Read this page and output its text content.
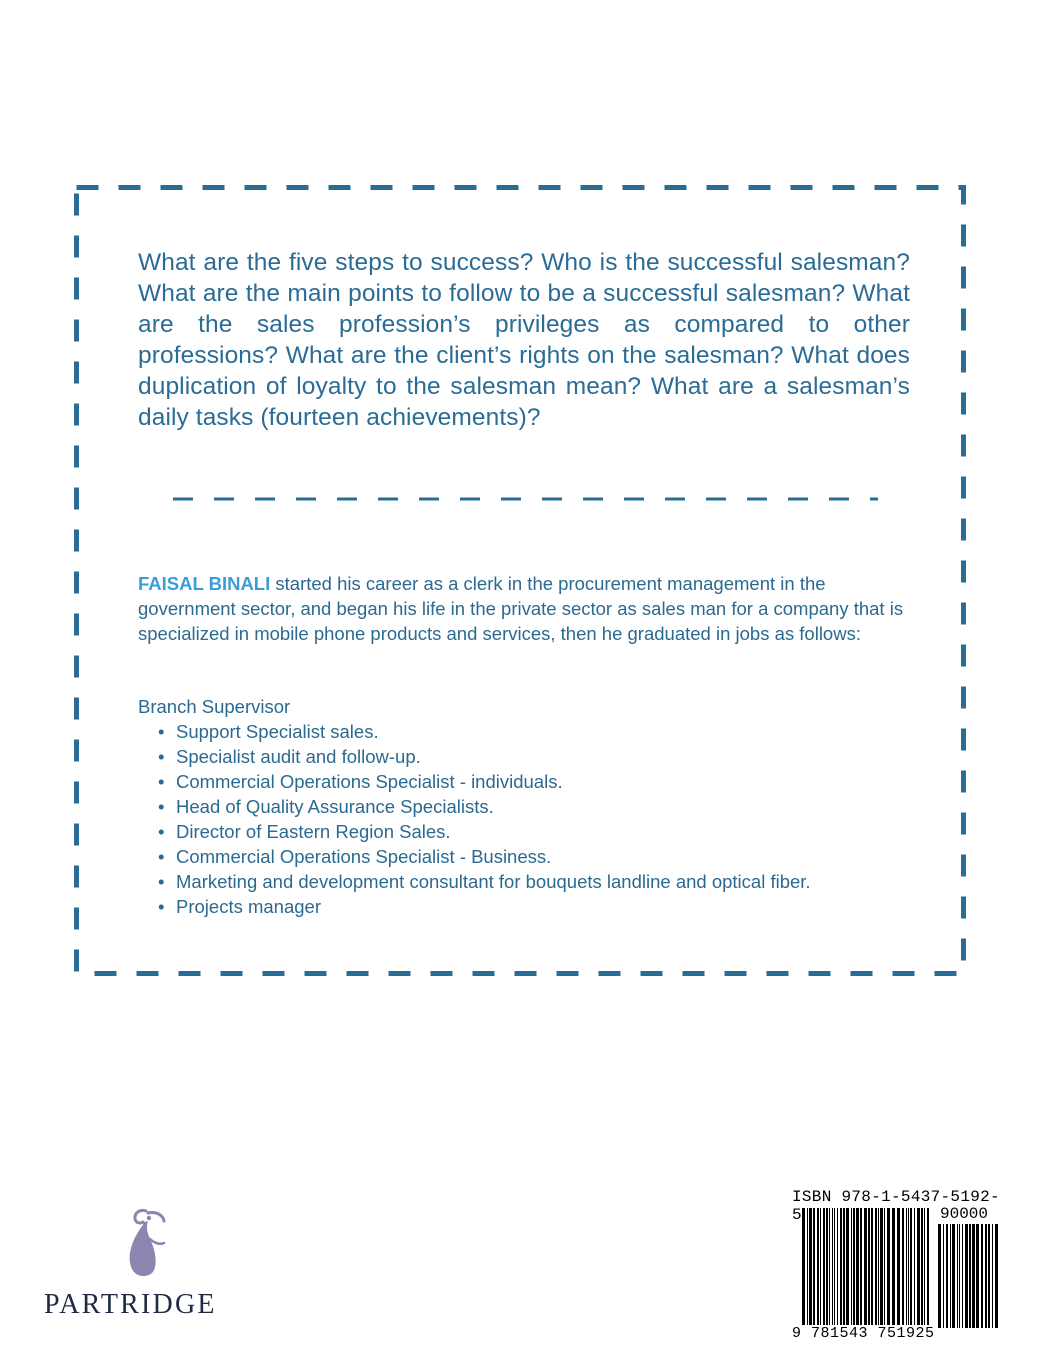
What are the five steps to success? Who is the successful salesman? What are the main points to follow to be a successful salesman? What are the sales profession’s privileges as compared to other professions? What are the client’s rights on the salesman? What does duplication of loyalty to the salesman mean? What are a salesman’s daily tasks (fourteen achievements)?

FAISAL BINALI started his career as a clerk in the procurement management in the government sector, and began his life in the private sector as sales man for a company that is specialized in mobile phone products and services, then he graduated in jobs as follows:

Branch Supervisor

• Support Specialist sales.
• Specialist audit and follow-up.
• Commercial Operations Specialist - individuals.
• Head of Quality Assurance Specialists.
• Director of Eastern Region Sales.
• Commercial Operations Specialist - Business.
• Marketing and development consultant for bouquets landline and optical fiber.
• Projects manager
PARTRIDGE
ISBN 978-1-5437-5192-5	90000
9 781543 751925
